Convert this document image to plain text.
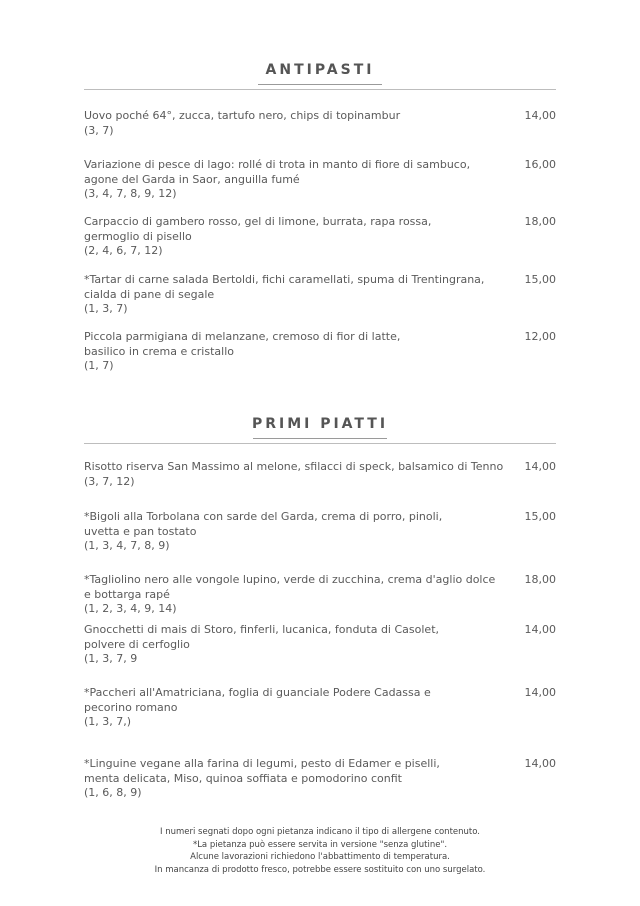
ANTIPASTI
Uovo poché 64°, zucca, tartufo nero, chips di topinambur
(3, 7)
14,00
Variazione di pesce di lago: rollé di trota in manto di fiore di sambuco,
agone del Garda in Saor, anguilla fumé
(3, 4, 7, 8, 9, 12)
16,00
Carpaccio di gambero rosso, gel di limone, burrata, rapa rossa,
germoglio di pisello
(2, 4, 6, 7, 12)
18,00
*Tartar di carne salada Bertoldi, fichi caramellati, spuma di Trentingrana,
cialda di pane di segale
(1, 3, 7)
15,00
Piccola parmigiana di melanzane, cremoso di fior di latte,
basilico in crema e cristallo
(1, 7)
12,00
PRIMI PIATTI
Risotto riserva San Massimo al melone, sfilacci di speck, balsamico di Tenno
(3, 7, 12)
14,00
*Bigoli alla Torbolana con sarde del Garda, crema di porro, pinoli,
uvetta e pan tostato
(1, 3, 4, 7, 8, 9)
15,00
*Tagliolino nero alle vongole lupino, verde di zucchina, crema d'aglio dolce
e bottarga rapé
(1, 2, 3, 4, 9, 14)
18,00
Gnocchetti di mais di Storo, finferli, lucanica, fonduta di Casolet,
polvere di cerfoglio
(1, 3, 7, 9
14,00
*Paccheri all'Amatriciana, foglia di guanciale Podere Cadassa e
pecorino romano
(1, 3, 7,)
14,00
*Linguine vegane alla farina di legumi, pesto di Edamer e piselli,
menta delicata, Miso, quinoa soffiata e pomodorino confit
(1, 6, 8, 9)
14,00
I numeri segnati dopo ogni pietanza indicano il tipo di allergene contenuto.
*La pietanza può essere servita in versione "senza glutine".
Alcune lavorazioni richiedono l'abbattimento di temperatura.
In mancanza di prodotto fresco, potrebbe essere sostituito con uno surgelato.
